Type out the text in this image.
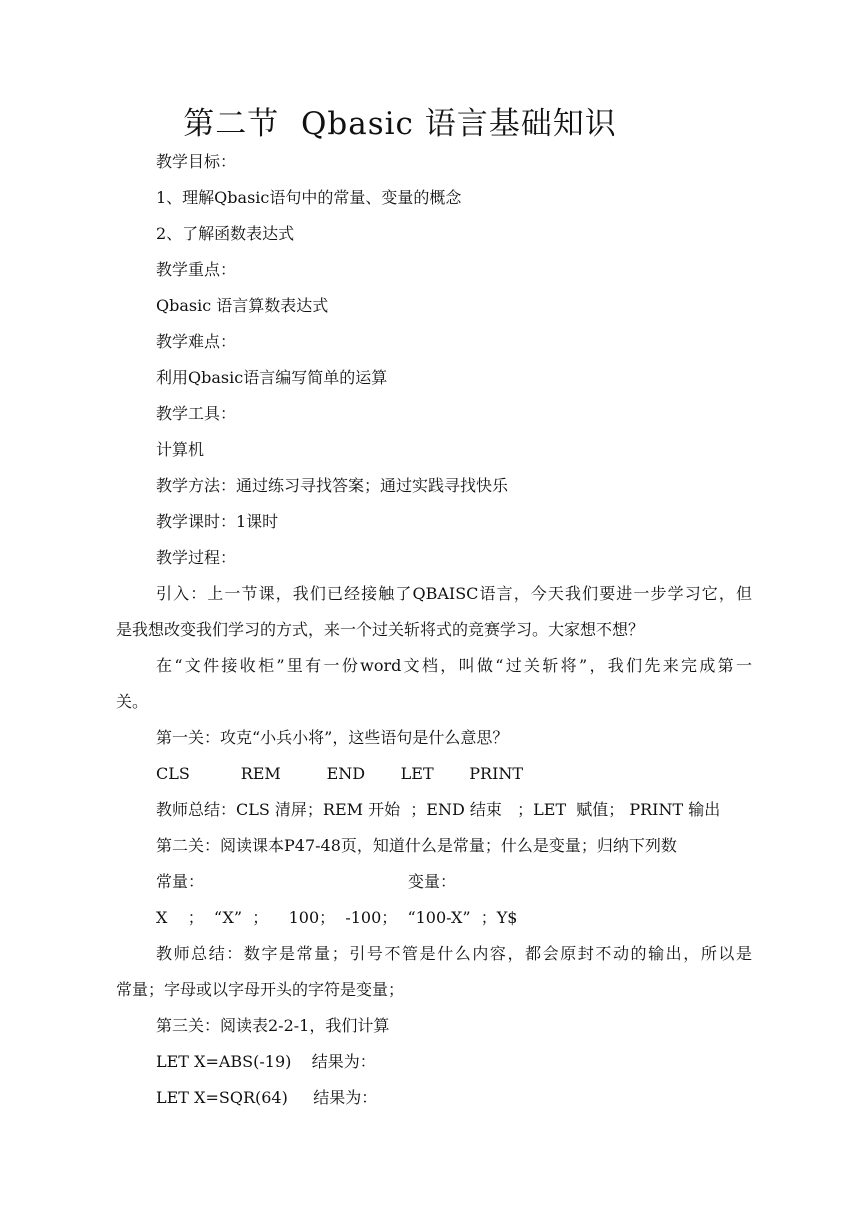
第二节  Qbasic 语言基础知识
教学目标：
1、理解Qbasic语句中的常量、变量的概念
2、了解函数表达式
教学重点：
Qbasic 语言算数表达式
教学难点：
利用Qbasic语言编写简单的运算
教学工具：
计算机
教学方法：通过练习寻找答案；通过实践寻找快乐
教学课时：1课时
教学过程：
引入：上一节课，我们已经接触了QBAISC语言，今天我们要进一步学习它，但
是我想改变我们学习的方式，来一个过关斩将式的竞赛学习。大家想不想？
在“文件接收柜”里有一份word文档，叫做“过关斩将”，我们先来完成第一
关。
第一关：攻克“小兵小将”，这些语句是什么意思？
CLS          REM         END       LET       PRINT
教师总结：CLS 清屏；REM 开始  ；END 结束   ；LET  赋值； PRINT 输出
第二关：阅读课本P47-48页，知道什么是常量；什么是变量；归纳下列数
常量：	变量：
X    ；  “X”  ；    100；  -100；  “100-X”  ；Y$
教师总结：数字是常量；引号不管是什么内容，都会原封不动的输出，所以是
常量；字母或以字母开头的字符是变量；
第三关：阅读表2-2-1，我们计算
LET X=ABS(-19)    结果为：
LET X=SQR(64)     结果为：
